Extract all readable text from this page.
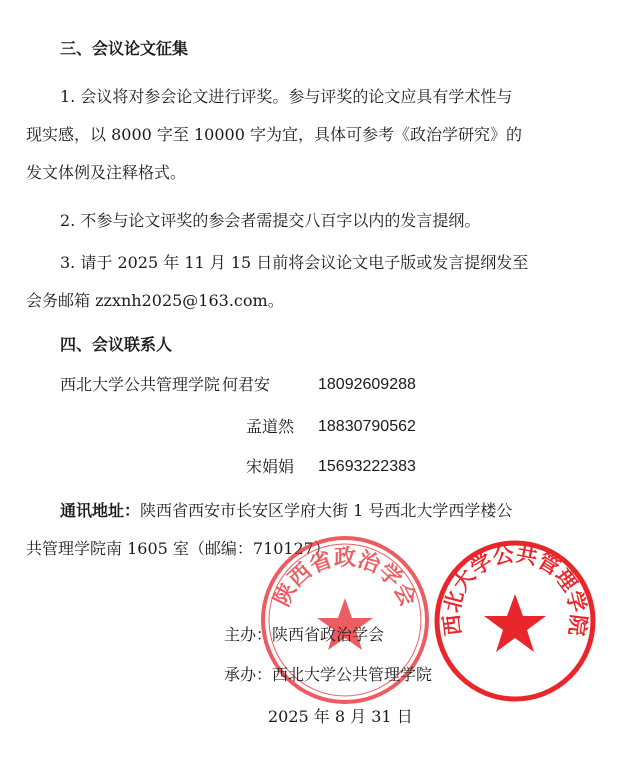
三、会议论文征集
1. 会议将对参会论文进行评奖。参与评奖的论文应具有学术性与
现实感，以 8000 字至 10000 字为宜，具体可参考《政治学研究》的
发文体例及注释格式。
2. 不参与论文评奖的参会者需提交八百字以内的发言提纲。
3. 请于 2025 年 11 月 15 日前将会议论文电子版或发言提纲发至
会务邮箱 zzxnh2025@163.com。
四、会议联系人
西北大学公共管理学院 何君安	18092609288
孟道然 18830790562
宋娟娟 15693222383
通讯地址：陕西省西安市长安区学府大街 1 号西北大学西学楼公
共管理学院南 1605 室（邮编：710127）
陕西省政治学会
西北大学公共管理学院
主办：陕西省政治学会
承办：西北大学公共管理学院
2025 年 8 月 31 日
